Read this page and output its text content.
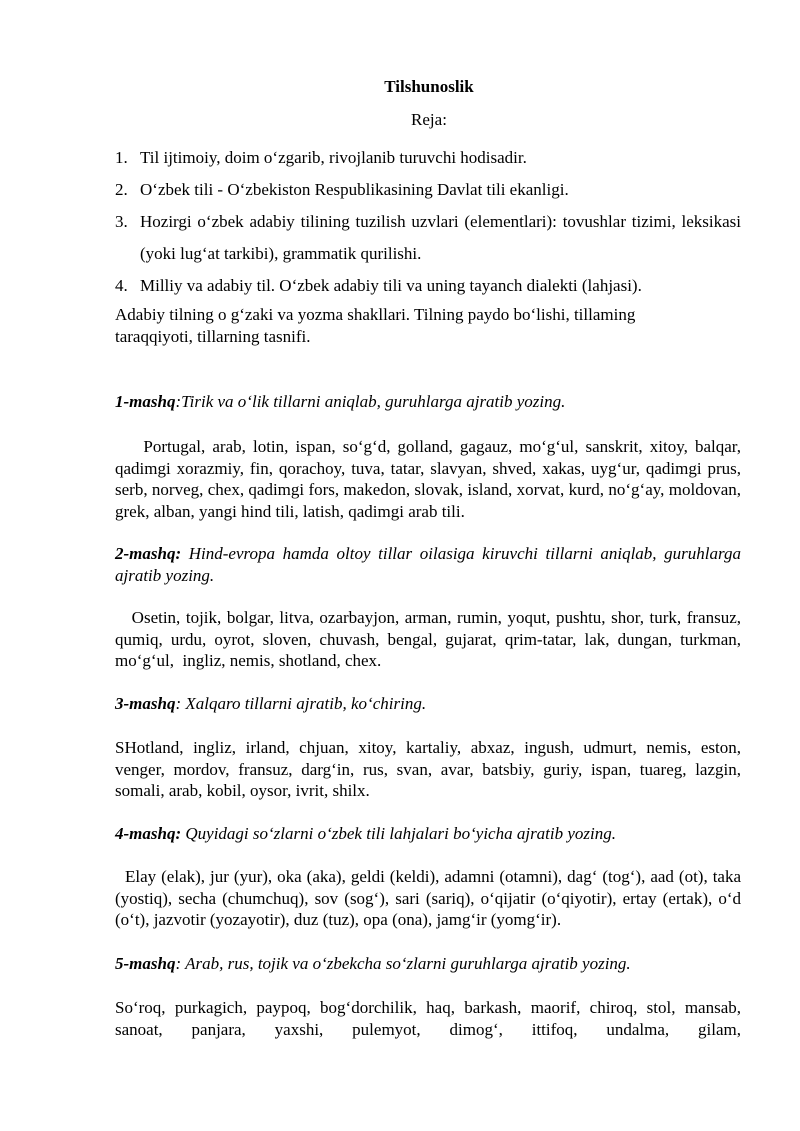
Tilshunoslik
Reja:
1. Til ijtimoiy, doim o‘zgarib, rivojlanib turuvchi hodisadir.
2. O‘zbek tili - O‘zbekiston Respublikasining Davlat tili ekanligi.
3. Hozirgi o‘zbek adabiy tilining tuzilish uzvlari (elementlari): tovushlar tizimi, leksikasi (yoki lug‘at tarkibi), grammatik qurilishi.
4. Milliy va adabiy til. O‘zbek adabiy tili va uning tayanch dialekti (lahjasi).
Adabiy tilning o g‘zaki va yozma shakllari. Tilning paydo bo‘lishi, tillaming taraqqiyoti, tillarning tasnifi.
1-mashq:Tirik va o‘lik tillarni aniqlab, guruhlarga ajratib yozing.
Portugal, arab, lotin, ispan, so‘g‘d, golland, gagauz, mo‘g‘ul, sanskrit, xitoy, balqar, qadimgi xorazmiy, fin, qorachoy, tuva, tatar, slavyan, shved, xakas, uyg‘ur, qadimgi prus, serb, norveg, chex, qadimgi fors, makedon, slovak, island, xorvat, kurd, no‘g‘ay, moldovan, grek, alban, yangi hind tili, latish, qadimgi arab tili.
2-mashq: Hind-evropa hamda oltoy tillar oilasiga kiruvchi tillarni aniqlab, guruhlarga ajratib yozing.
Osetin, tojik, bolgar, litva, ozarbayjon, arman, rumin, yoqut, pushtu, shor, turk, fransuz, qumiq, urdu, oyrot, sloven, chuvash, bengal, gujarat, qrim-tatar, lak, dungan, turkman, mo‘g‘ul,  ingliz, nemis, shotland, chex.
3-mashq: Xalqaro tillarni ajratib, ko‘chiring.
SHotland, ingliz, irland, chjuan, xitoy, kartaliy, abxaz, ingush, udmurt, nemis, eston, venger, mordov, fransuz, darg‘in, rus, svan, avar, batsbiy, guriy, ispan, tuareg, lazgin, somali, arab, kobil, oysor, ivrit, shilx.
4-mashq: Quyidagi so‘zlarni o‘zbek tili lahjalari bo‘yicha ajratib yozing.
Elay (elak), jur (yur), oka (aka), geldi (keldi), adamni (otamni), dag‘ (tog‘), aad (ot), taka (yostiq), secha (chumchuq), sov (sog‘), sari (sariq), o‘qijatir (o‘qiyotir), ertay (ertak), o‘d (o‘t), jazvotir (yozayotir), duz (tuz), opa (ona), jamg‘ir (yomg‘ir).
5-mashq: Arab, rus, tojik va o‘zbekcha so‘zlarni guruhlarga ajratib yozing.
So‘roq, purkagich, paypoq, bog‘dorchilik, haq, barkash, maorif, chiroq, stol, mansab, sanoat, panjara, yaxshi, pulemyot, dimog‘, ittifoq, undalma, gilam,
